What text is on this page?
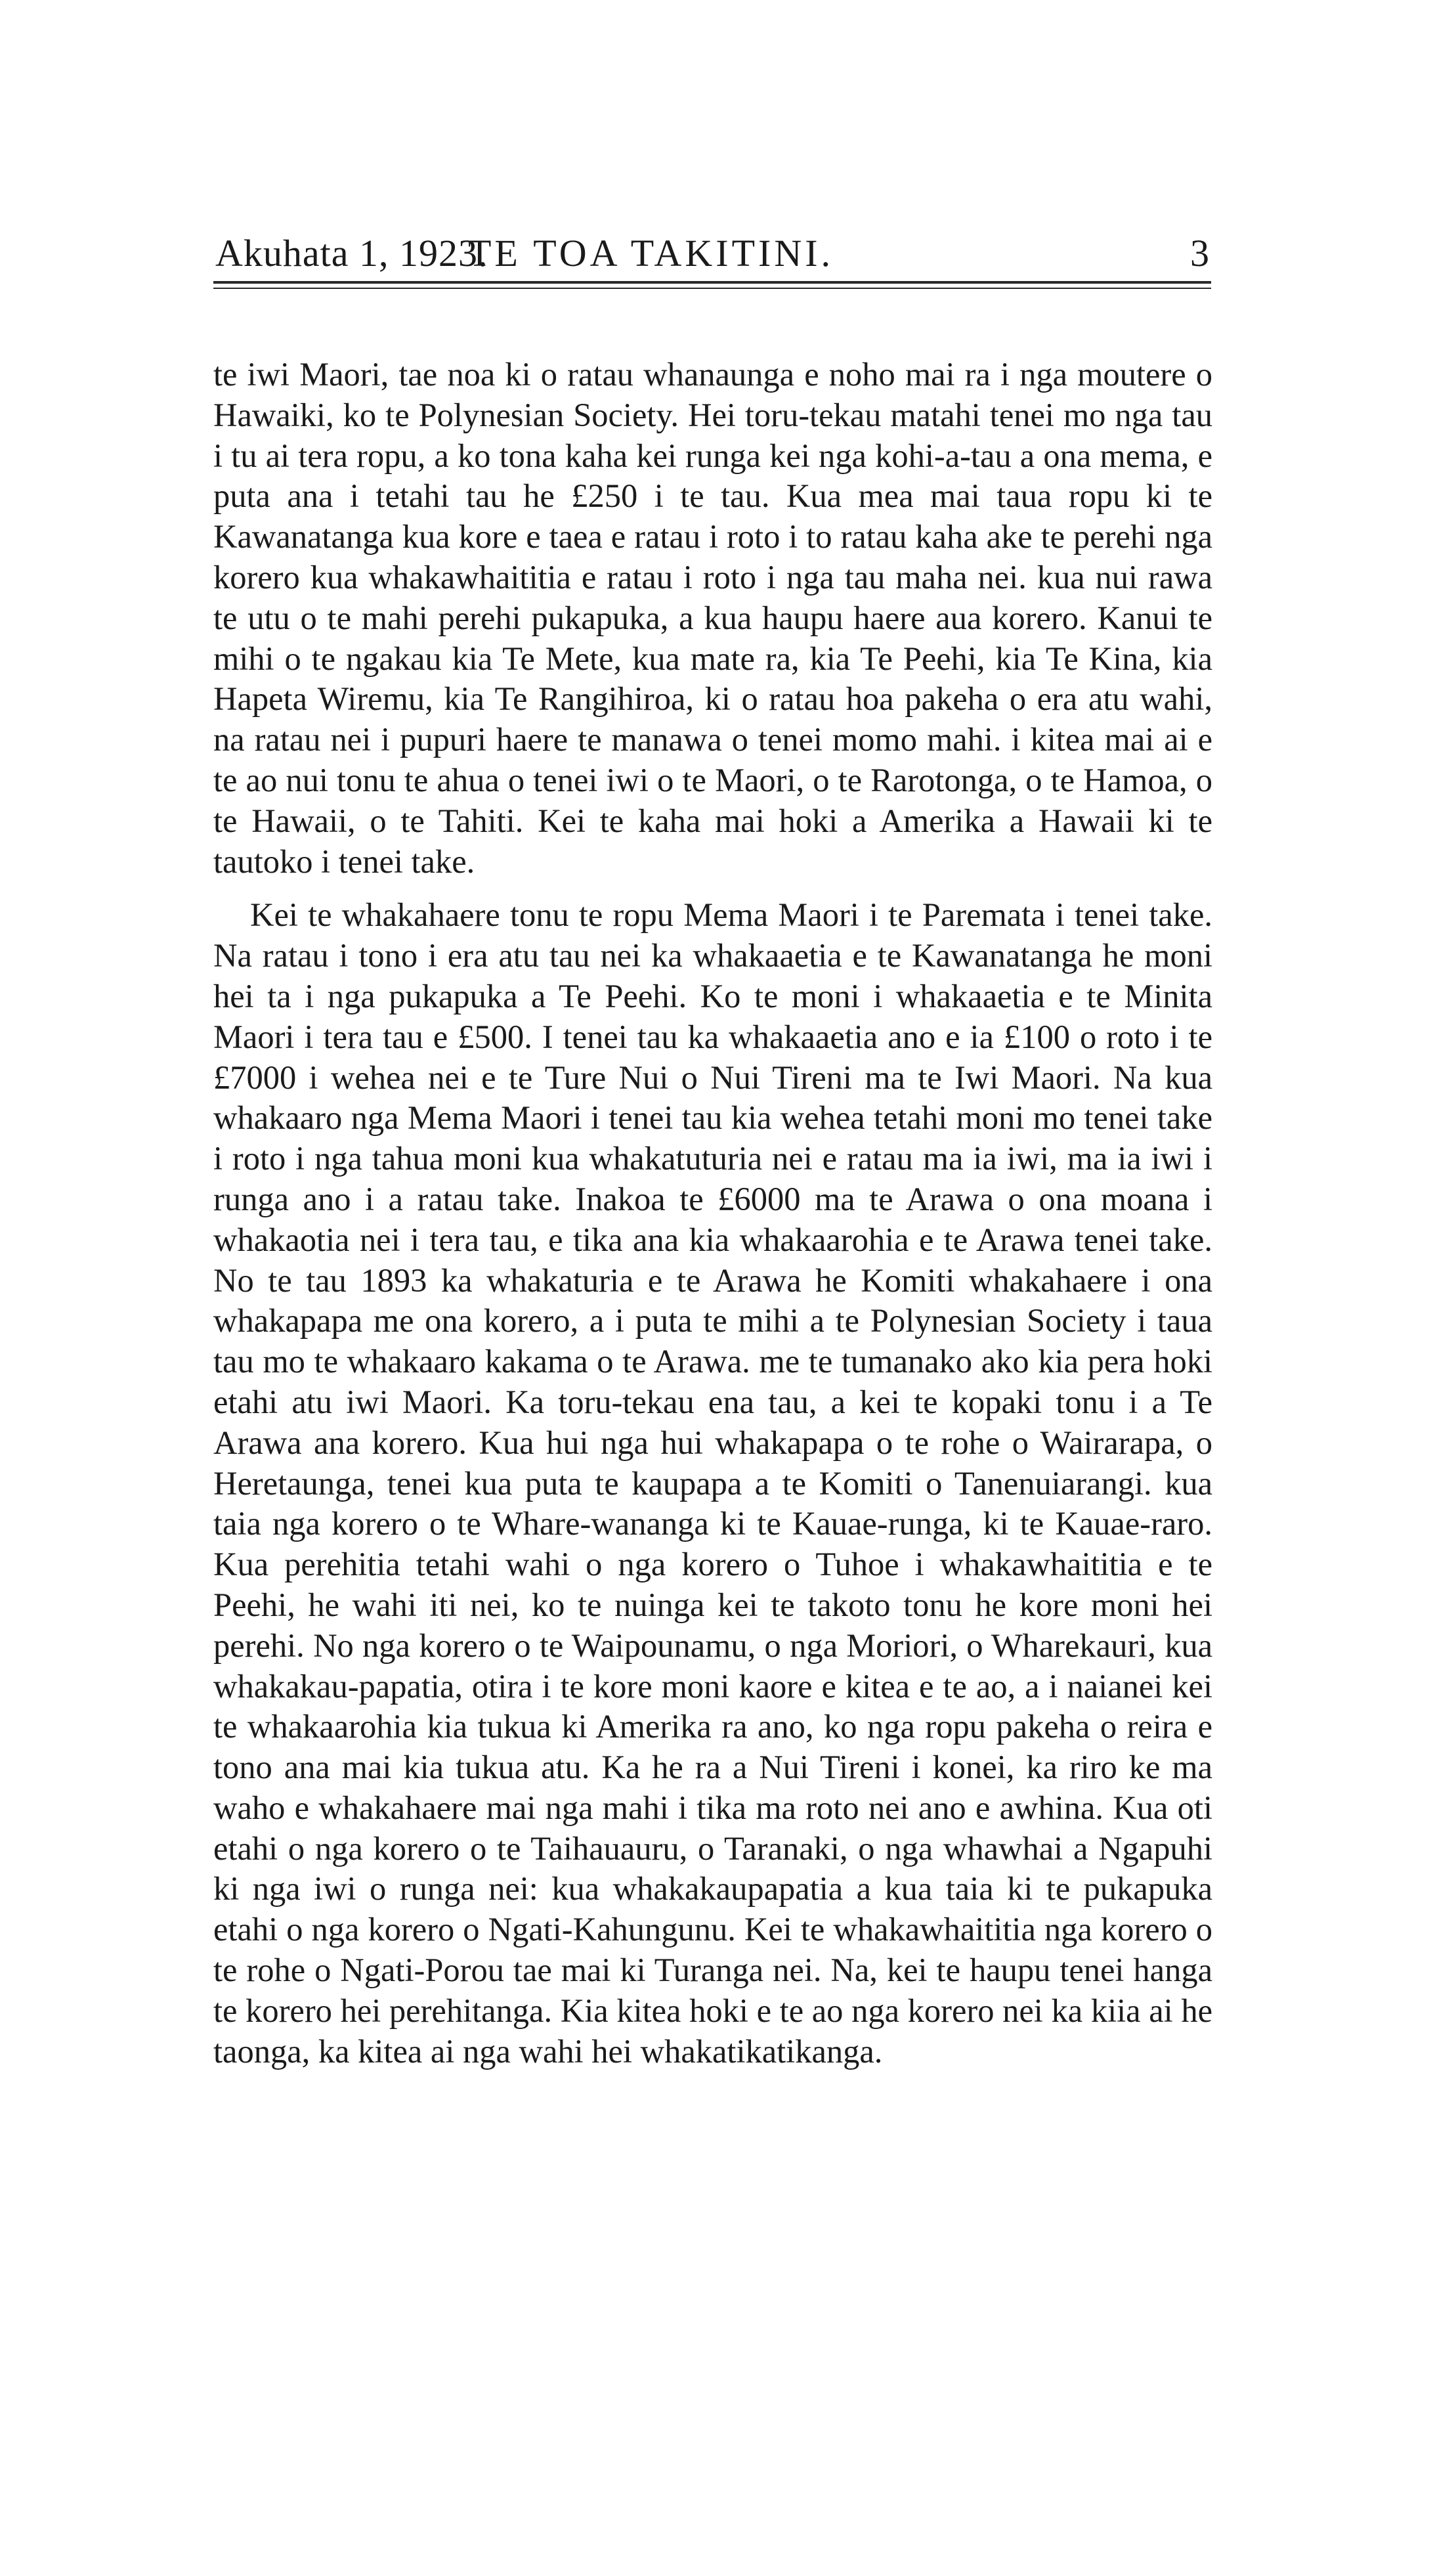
Akuhata 1, 1923.
TE TOA TAKITINI.	3

te iwi Maori, tae noa ki o ratau whanaunga e noho mai ra i nga moutere o Hawaiki, ko te Polynesian Society. Hei toru-tekau matahi tenei mo nga tau i tu ai tera ropu, a ko tona kaha kei runga kei nga kohi-a-tau a ona mema, e puta ana i tetahi tau he £250 i te tau. Kua mea mai taua ropu ki te Kawanatanga kua kore e taea e ratau i roto i to ratau kaha ake te perehi nga korero kua whakawhaititia e ratau i roto i nga tau maha nei. kua nui rawa te utu o te mahi perehi pukapuka, a kua haupu haere aua korero. Kanui te mihi o te ngakau kia Te Mete, kua mate ra, kia Te Peehi, kia Te Kina, kia Hapeta Wiremu, kia Te Rangihiroa, ki o ratau hoa pakeha o era atu wahi, na ratau nei i pupuri haere te manawa o tenei momo mahi. i kitea mai ai e te ao nui tonu te ahua o tenei iwi o te Maori, o te Rarotonga, o te Hamoa, o te Hawaii, o te Tahiti. Kei te kaha mai hoki a Amerika a Hawaii ki te tautoko i tenei take.

Kei te whakahaere tonu te ropu Mema Maori i te Paremata i tenei take. Na ratau i tono i era atu tau nei ka whakaaetia e te Kawanatanga he moni hei ta i nga pukapuka a Te Peehi. Ko te moni i whakaaetia e te Minita Maori i tera tau e £500. I tenei tau ka whakaaetia ano e ia £100 o roto i te £7000 i wehea nei e te Ture Nui o Nui Tireni ma te Iwi Maori. Na kua whakaaro nga Mema Maori i tenei tau kia wehea tetahi moni mo tenei take i roto i nga tahua moni kua whakatuturia nei e ratau ma ia iwi, ma ia iwi i runga ano i a ratau take. Inakoa te £6000 ma te Arawa o ona moana i whakaotia nei i tera tau, e tika ana kia whakaarohia e te Arawa tenei take. No te tau 1893 ka whakaturia e te Arawa he Komiti whakahaere i ona whakapapa me ona korero, a i puta te mihi a te Polynesian Society i taua tau mo te whakaaro kakama o te Arawa. me te tumanako ako kia pera hoki etahi atu iwi Maori. Ka toru-tekau ena tau, a kei te kopaki tonu i a Te Arawa ana korero. Kua hui nga hui whakapapa o te rohe o Wairarapa, o Heretaunga, tenei kua puta te kaupapa a te Komiti o Tanenuiarangi. kua taia nga korero o te Whare-wananga ki te Kauae-runga, ki te Kauae-raro. Kua perehitia tetahi wahi o nga korero o Tuhoe i whakawhaititia e te Peehi, he wahi iti nei, ko te nuinga kei te takoto tonu he kore moni hei perehi. No nga korero o te Waipounamu, o nga Moriori, o Wharekauri, kua whakakau-papatia, otira i te kore moni kaore e kitea e te ao, a i naianei kei te whakaarohia kia tukua ki Amerika ra ano, ko nga ropu pakeha o reira e tono ana mai kia tukua atu. Ka he ra a Nui Tireni i konei, ka riro ke ma waho e whakahaere mai nga mahi i tika ma roto nei ano e awhina. Kua oti etahi o nga korero o te Taihauauru, o Taranaki, o nga whawhai a Ngapuhi ki nga iwi o runga nei: kua whakakaupapatia a kua taia ki te pukapuka etahi o nga korero o Ngati-Kahungunu. Kei te whakawhaititia nga korero o te rohe o Ngati-Porou tae mai ki Turanga nei. Na, kei te haupu tenei hanga te korero hei perehitanga. Kia kitea hoki e te ao nga korero nei ka kiia ai he taonga, ka kitea ai nga wahi hei whakatikatikanga.
